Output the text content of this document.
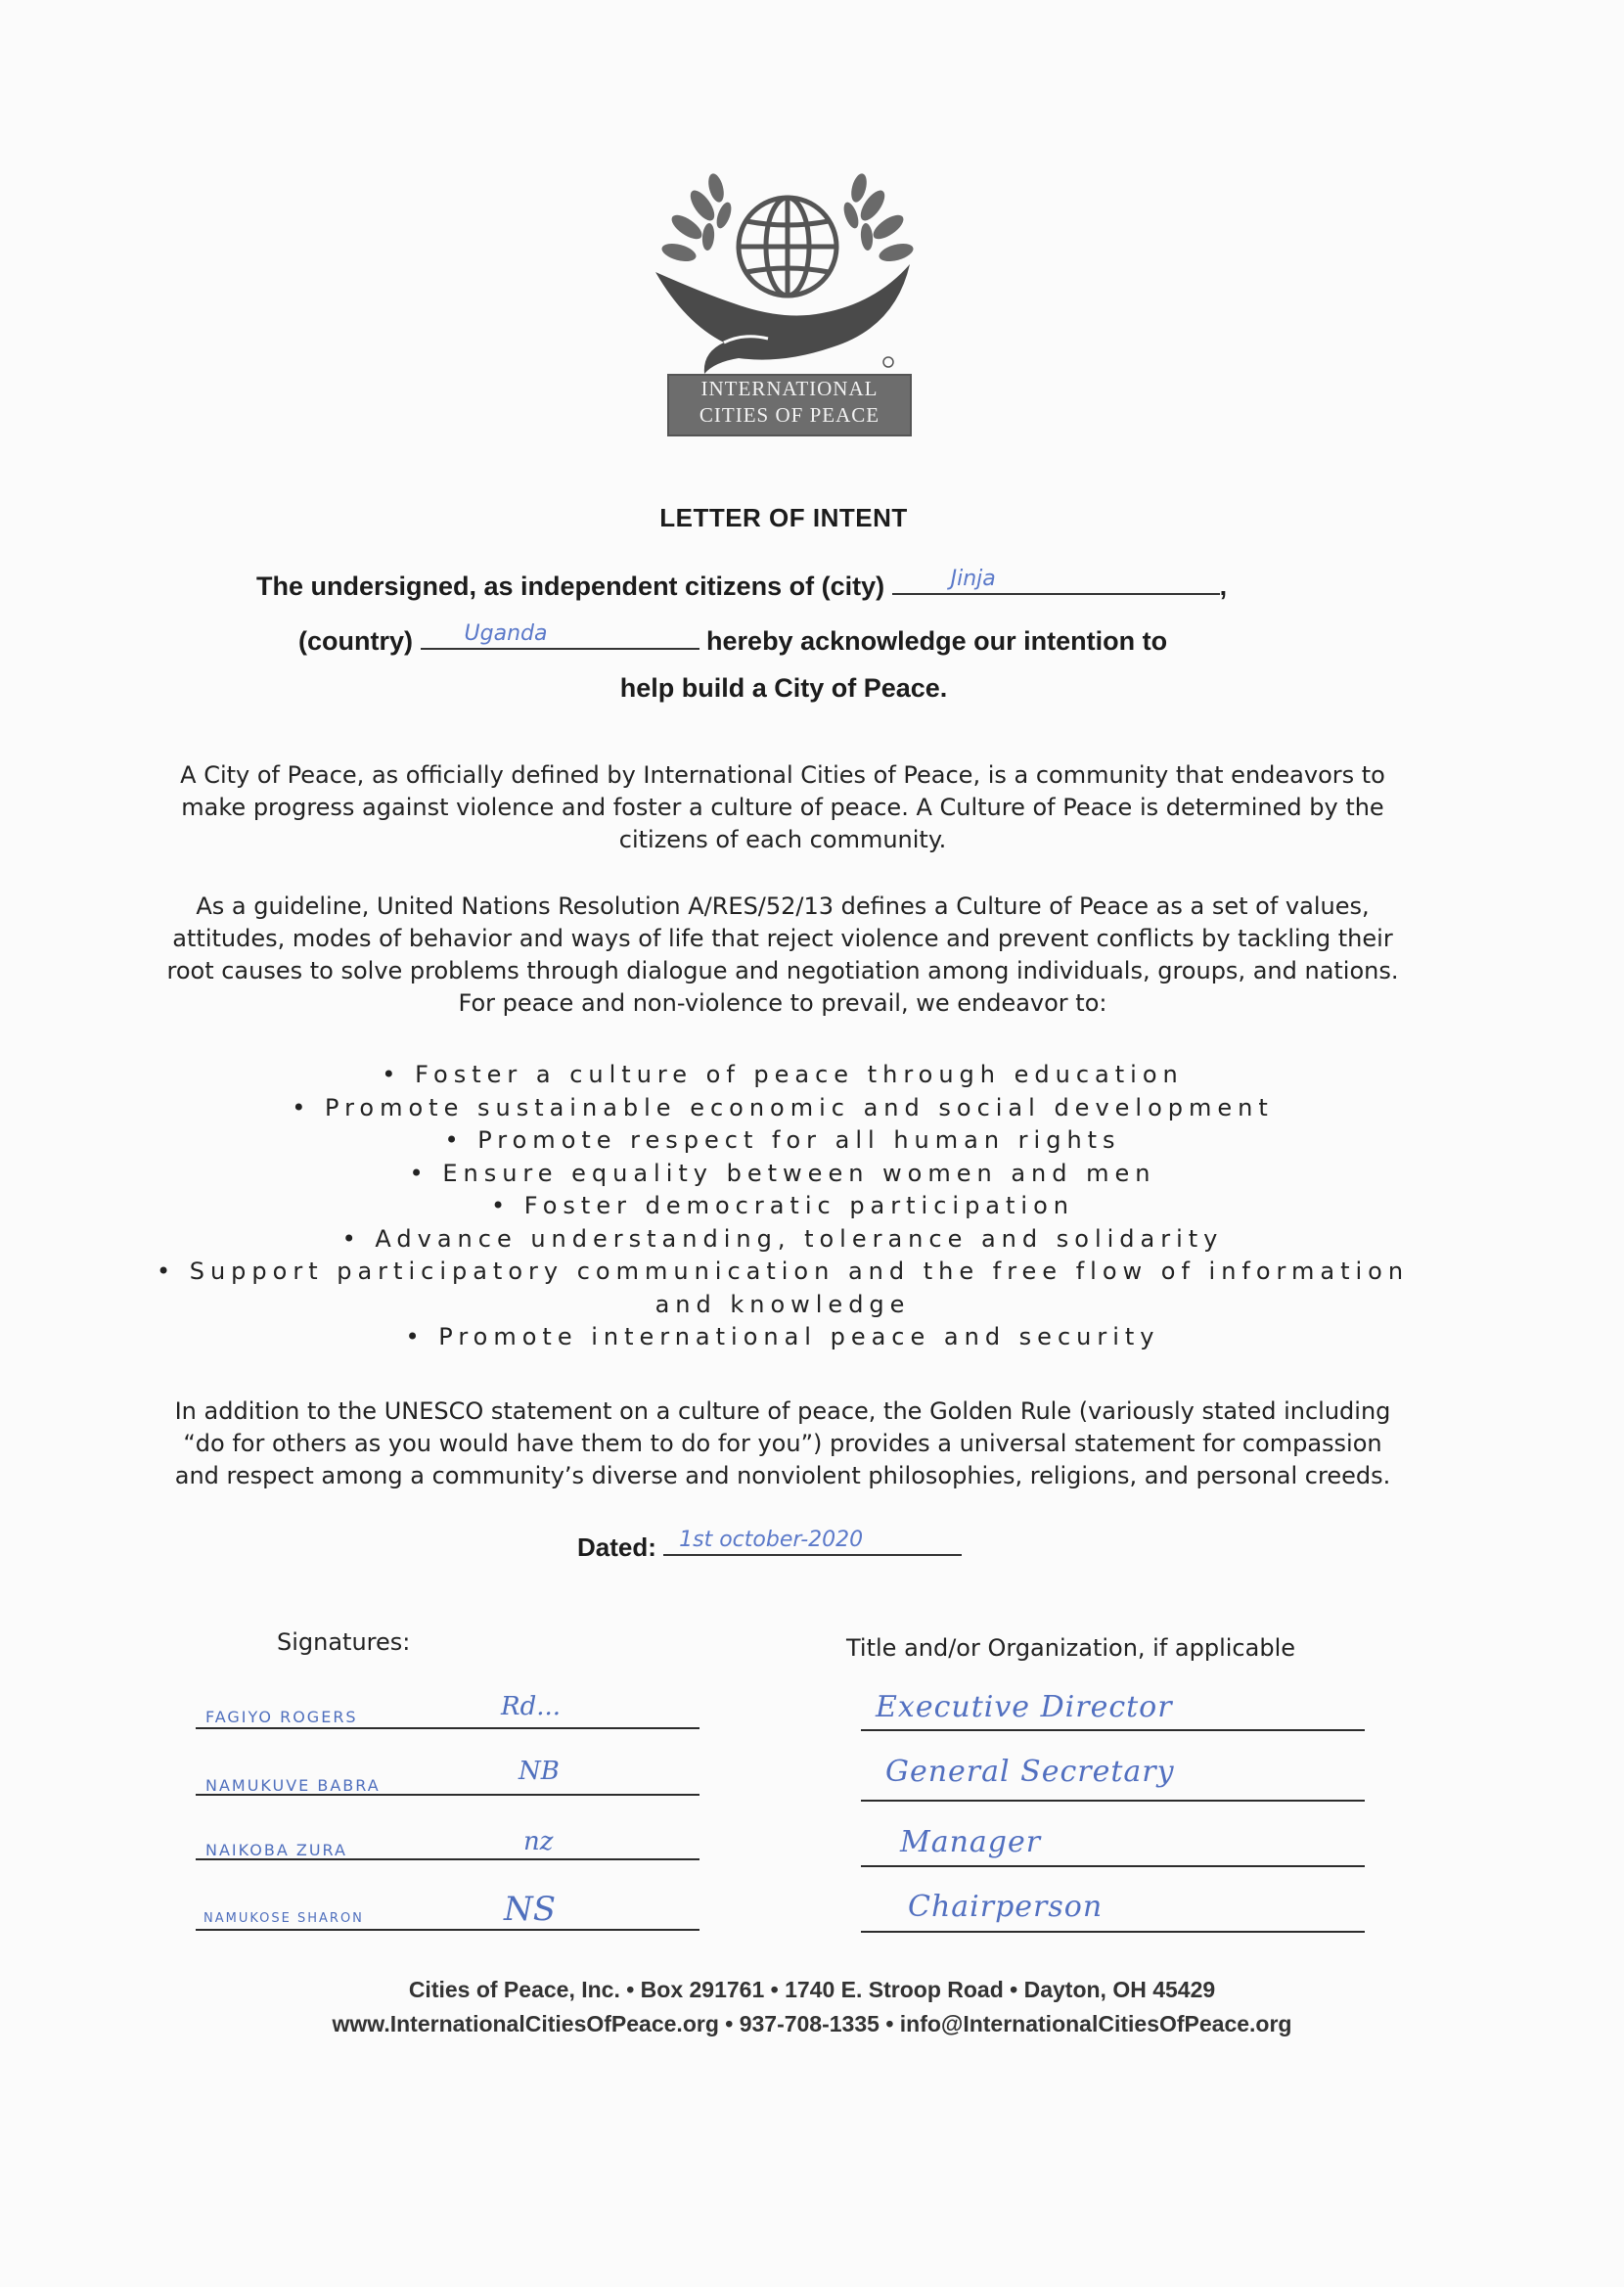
INTERNATIONAL
CITIES OF PEACE
LETTER OF INTENT
The undersigned, as independent citizens of (city)	Jinja	,
(country) Uganda	hereby acknowledge our intention to
help build a City of Peace.
A City of Peace, as officially defined by International Cities of Peace, is a community that endeavors to make progress against violence and foster a culture of peace. A Culture of Peace is determined by the citizens of each community.
As a guideline, United Nations Resolution A/RES/52/13 defines a Culture of Peace as a set of values, attitudes, modes of behavior and ways of life that reject violence and prevent conflicts by tackling their root causes to solve problems through dialogue and negotiation among individuals, groups, and nations. For peace and non-violence to prevail, we endeavor to:
• Foster a culture of peace through education
• Promote sustainable economic and social development
• Promote respect for all human rights
• Ensure equality between women and men
• Foster democratic participation
• Advance understanding, tolerance and solidarity
• Support participatory communication and the free flow of information and knowledge
• Promote international peace and security
In addition to the UNESCO statement on a culture of peace, the Golden Rule (variously stated including “do for others as you would have them to do for you”) provides a universal statement for compassion and respect among a community’s diverse and nonviolent philosophies, religions, and personal creeds.
Dated: 1st october-2020
Signatures:	Title and/or Organization, if applicable
FAGIYO ROGERS	Rd...	Executive Director
NAMUKUVE BABRA	NB	General Secretary
NAIKOBA ZURA	nz	Manager
NAMUKOSE SHARON	NS	Chairperson
Cities of Peace, Inc. • Box 291761 • 1740 E. Stroop Road • Dayton, OH 45429
www.InternationalCitiesOfPeace.org • 937-708-1335 • info@InternationalCitiesOfPeace.org
